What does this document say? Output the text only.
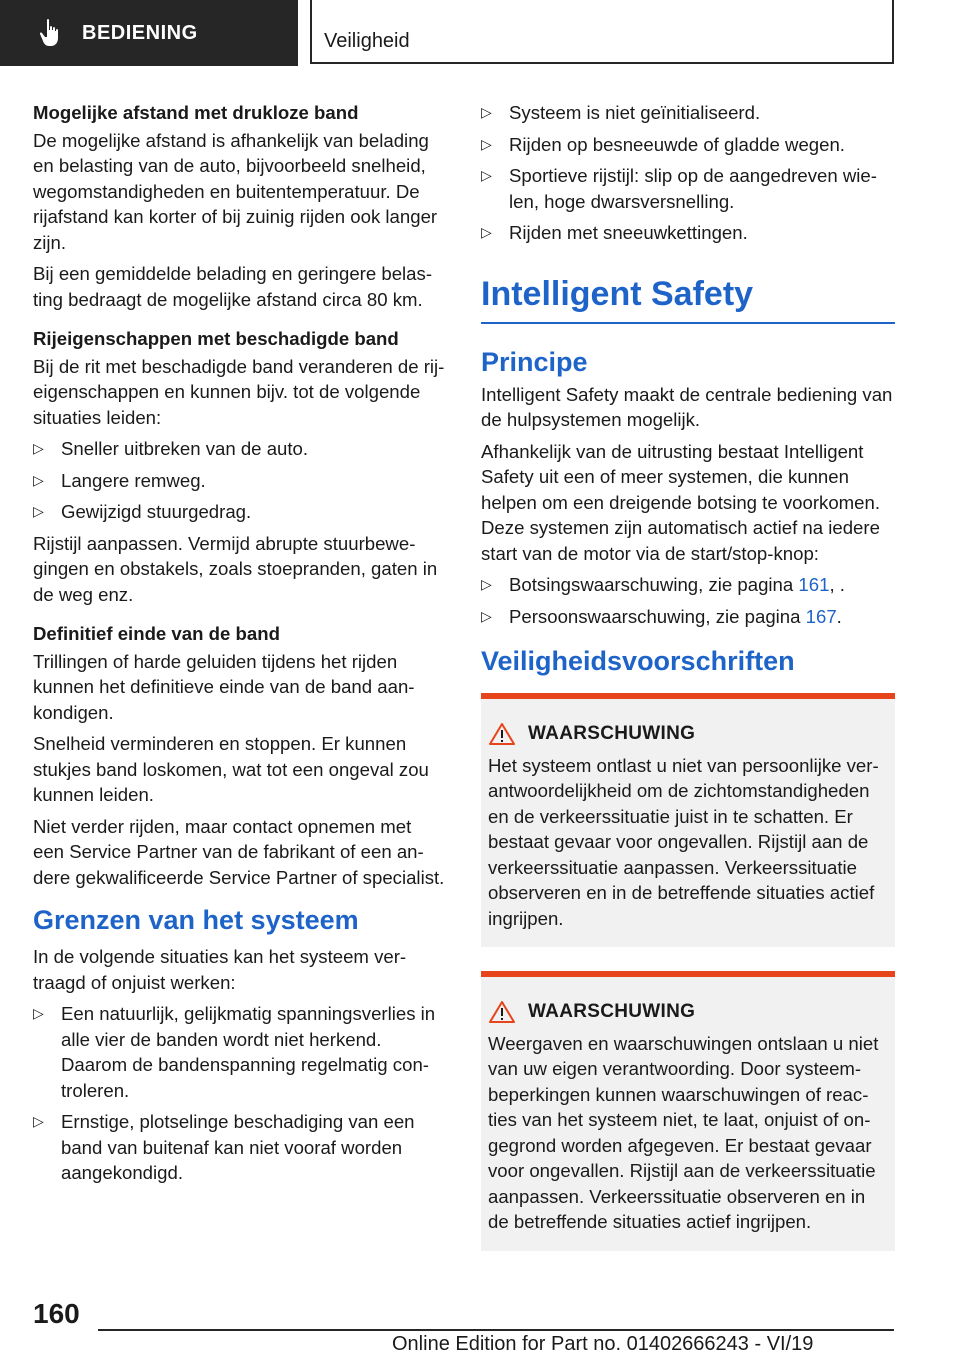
BEDIENING	Veiligheid
Mogelijke afstand met drukloze band

De mogelijke afstand is afhankelijk van belading en belasting van de auto, bijvoorbeeld snelheid, wegomstandigheden en buitentemperatuur. De rijafstand kan korter of bij zuinig rijden ook langer zijn.

Bij een gemiddelde belading en geringere belasting bedraagt de mogelijke afstand circa 80 km.

Rijeigenschappen met beschadigde band

Bij de rit met beschadigde band veranderen de rij-eigenschappen en kunnen bijv. tot de volgende situaties leiden:

▷ Sneller uitbreken van de auto.
▷ Langere remweg.
▷ Gewijzigd stuurgedrag.

Rijstijl aanpassen. Vermijd abrupte stuurbewegingen en obstakels, zoals stoepranden, gaten in de weg enz.

Definitief einde van de band

Trillingen of harde geluiden tijdens het rijden kunnen het definitieve einde van de band aankondigen.

Snelheid verminderen en stoppen. Er kunnen stukjes band loskomen, wat tot een ongeval zou kunnen leiden.

Niet verder rijden, maar contact opnemen met een Service Partner van de fabrikant of een andere gekwalificeerde Service Partner of specialist.

Grenzen van het systeem

In de volgende situaties kan het systeem vertraagd of onjuist werken:

▷ Een natuurlijk, gelijkmatig spanningsverlies in alle vier de banden wordt niet herkend. Daarom de bandenspanning regelmatig controleren.
▷ Ernstige, plotselinge beschadiging van een band van buitenaf kan niet vooraf worden aangekondigd.
▷ Systeem is niet geïnitialiseerd.
▷ Rijden op besneeuwde of gladde wegen.
▷ Sportieve rijstijl: slip op de aangedreven wielen, hoge dwarsversnelling.
▷ Rijden met sneeuwkettingen.
Intelligent Safety
Principe

Intelligent Safety maakt de centrale bediening van de hulpsystemen mogelijk.

Afhankelijk van de uitrusting bestaat Intelligent Safety uit een of meer systemen, die kunnen helpen om een dreigende botsing te voorkomen. Deze systemen zijn automatisch actief na iedere start van de motor via de start/stop-knop:

▷ Botsingswaarschuwing, zie pagina 161, .
▷ Persoonswaarschuwing, zie pagina 167.
Veiligheidsvoorschriften
WAARSCHUWING
Het systeem ontlast u niet van persoonlijke verantwoordelijkheid om de zichtomstandigheden en de verkeerssituatie juist in te schatten. Er bestaat gevaar voor ongevallen. Rijstijl aan de verkeerssituatie aanpassen. Verkeerssituatie observeren en in de betreffende situaties actief ingrijpen.
WAARSCHUWING
Weergaven en waarschuwingen ontslaan u niet van uw eigen verantwoording. Door systeembeperkingen kunnen waarschuwingen of reacties van het systeem niet, te laat, onjuist of ongegrond worden afgegeven. Er bestaat gevaar voor ongevallen. Rijstijl aan de verkeerssituatie aanpassen. Verkeerssituatie observeren en in de betreffende situaties actief ingrijpen.
160
Online Edition for Part no. 01402666243 - VI/19
